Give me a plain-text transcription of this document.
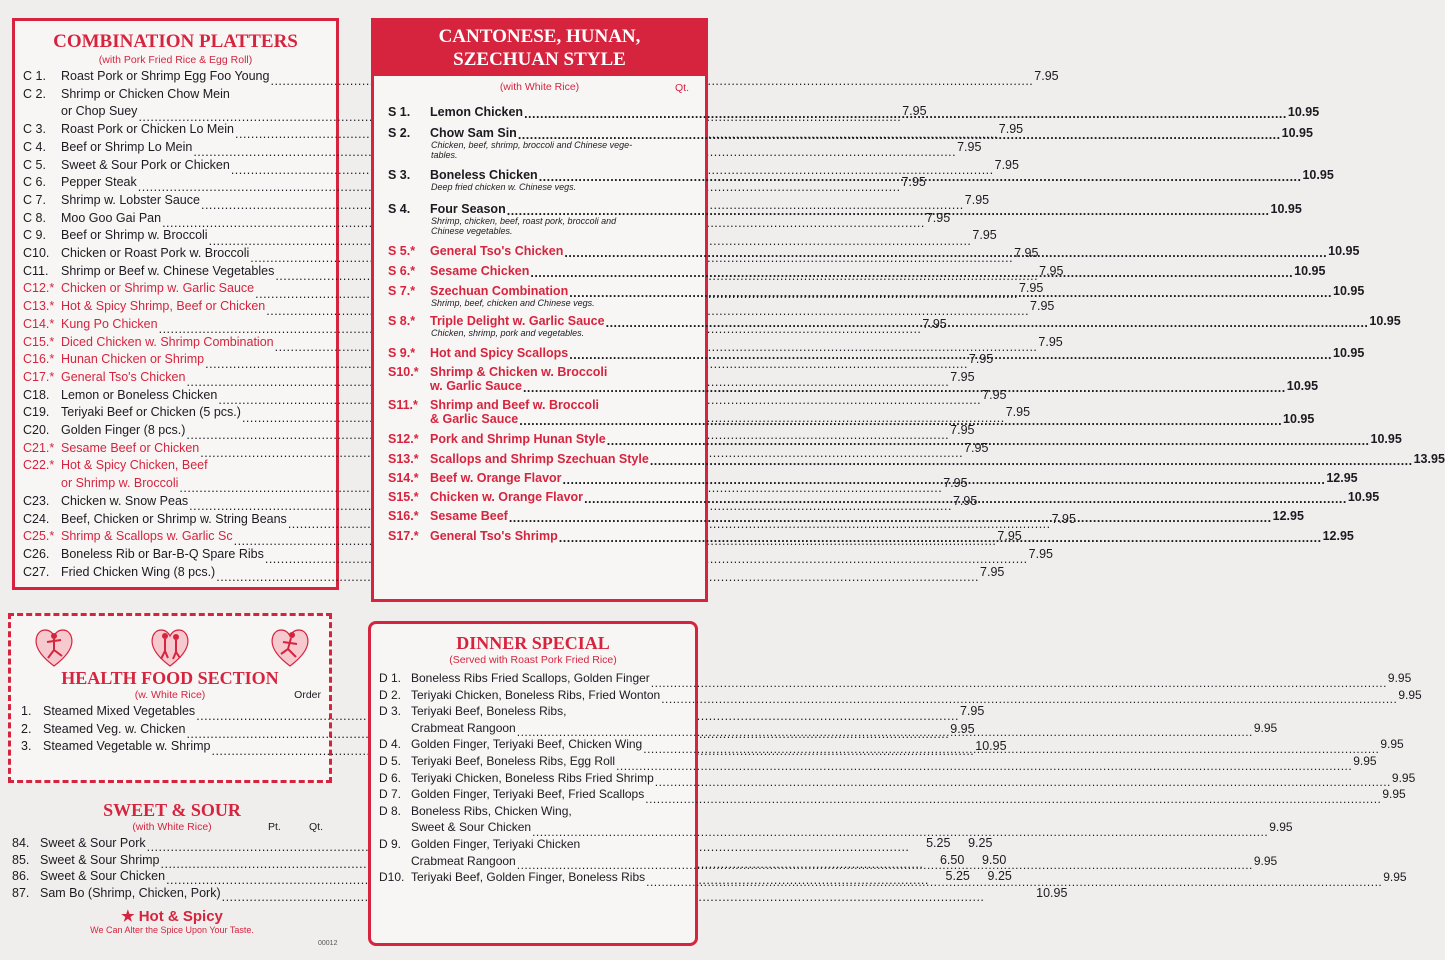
COMBINATION PLATTERS
(with Pork Fried Rice & Egg Roll)
C 1.	Roast Pork or Shrimp Egg Foo Young .....	7.95
C 2.	Shrimp or Chicken Chow Mein
or Chop Suey .....	7.95
C 3.	Roast Pork or Chicken Lo Mein .....	7.95
C 4.	Beef or Shrimp Lo Mein .....	7.95
C 5.	Sweet & Sour Pork or Chicken .....	7.95
C 6.	Pepper Steak .....	7.95
C 7.	Shrimp w. Lobster Sauce .....	7.95
C 8.	Moo Goo Gai Pan .....	7.95
C 9.	Beef or Shrimp w. Broccoli .....	7.95
C10. Chicken or Roast Pork w. Broccoli .....	7.95
C11.	Shrimp or Beef w. Chinese Vegetables .....	7.95
C12.* Chicken or Shrimp w. Garlic Sauce .....	7.95
C13.* Hot & Spicy Shrimp, Beef or Chicken .....	7.95
C14.* Kung Po Chicken .....	7.95
C15.* Diced Chicken w. Shrimp Combination .....	7.95
C16.* Hunan Chicken or Shrimp .....	7.95
C17.* General Tso's Chicken .....	7.95
C18. Lemon or Boneless Chicken .....	7.95
C19. Teriyaki Beef or Chicken (5 pcs.) .....	7.95
C20. Golden Finger (8 pcs.) .....	7.95
C21.* Sesame Beef or Chicken .....	7.95
C22.* Hot & Spicy Chicken, Beef
or Shrimp w. Broccoli .....	7.95
C23. Chicken w. Snow Peas .....	7.95
C24. Beef, Chicken or Shrimp w. String Beans .....	7.95
C25.* Shrimp & Scallops w. Garlic Sc .....	7.95
C26. Boneless Rib or Bar-B-Q Spare Ribs .....	7.95
C27. Fried Chicken Wing (8 pcs.) .....	7.95
CANTONESE, HUNAN,
SZECHUAN STYLE
(with White Rice)	Qt.
S 1.	Lemon Chicken .....	10.95
S 2.	Chow Sam Sin .....	10.95
Chicken, beef, shrimp, broccoli and Chinese vege-tables.
S 3.	Boneless Chicken .....	10.95
Deep fried chicken w. Chinese vegs.
S 4.	Four Season .....	10.95
Shrimp, chicken, beef, roast pork, broccoli and Chinese vegetables.
S 5.*	General Tso's Chicken .....	10.95
S 6.*	Sesame Chicken .....	10.95
S 7.*	Szechuan Combination .....	10.95
Shrimp, beef, chicken and Chinese vegs.
S 8.*	Triple Delight w. Garlic Sauce .....	10.95
Chicken, shrimp, pork and vegetables.
S 9.*	Hot and Spicy Scallops .....	10.95
S10.* Shrimp & Chicken w. Broccoli
w. Garlic Sauce .....	10.95
S11.* Shrimp and Beef w. Broccoli
& Garlic Sauce .....	10.95
S12.* Pork and Shrimp Hunan Style .....	10.95
S13.* Scallops and Shrimp Szechuan Style .....	13.95
S14.* Beef w. Orange Flavor .....	12.95
S15.* Chicken w. Orange Flavor .....	10.95
S16.* Sesame Beef .....	12.95
S17.* General Tso's Shrimp .....	12.95
HEALTH FOOD SECTION
(w. White Rice)	Order
1. Steamed Mixed Vegetables .....	7.95
2. Steamed Veg. w. Chicken .....	9.95
3. Steamed Vegetable w. Shrimp .....	10.95
SWEET & SOUR
(with White Rice)	Pt.	Qt.
84. Sweet & Sour Pork .....	5.25	9.25
85. Sweet & Sour Shrimp .....	6.50	9.50
86. Sweet & Sour Chicken .....	5.25	9.25
87. Sam Bo (Shrimp, Chicken, Pork) .....	10.95
★ Hot & Spicy
We Can Alter the Spice Upon Your Taste.
00012
DINNER SPECIAL
(Served with Roast Pork Fried Rice)
D 1. Boneless Ribs Fried Scallops, Golden Finger .....	9.95
D 2. Teriyaki Chicken, Boneless Ribs, Fried Wonton .....	9.95
D 3. Teriyaki Beef, Boneless Ribs,
Crabmeat Rangoon .....	9.95
D 4. Golden Finger, Teriyaki Beef, Chicken Wing .....	9.95
D 5. Teriyaki Beef, Boneless Ribs, Egg Roll .....	9.95
D 6. Teriyaki Chicken, Boneless Ribs Fried Shrimp .....	9.95
D 7. Golden Finger, Teriyaki Beef, Fried Scallops .....	9.95
D 8. Boneless Ribs, Chicken Wing,
Sweet & Sour Chicken .....	9.95
D 9. Golden Finger, Teriyaki Chicken
Crabmeat Rangoon .....	9.95
D10. Teriyaki Beef, Golden Finger, Boneless Ribs .....	9.95
